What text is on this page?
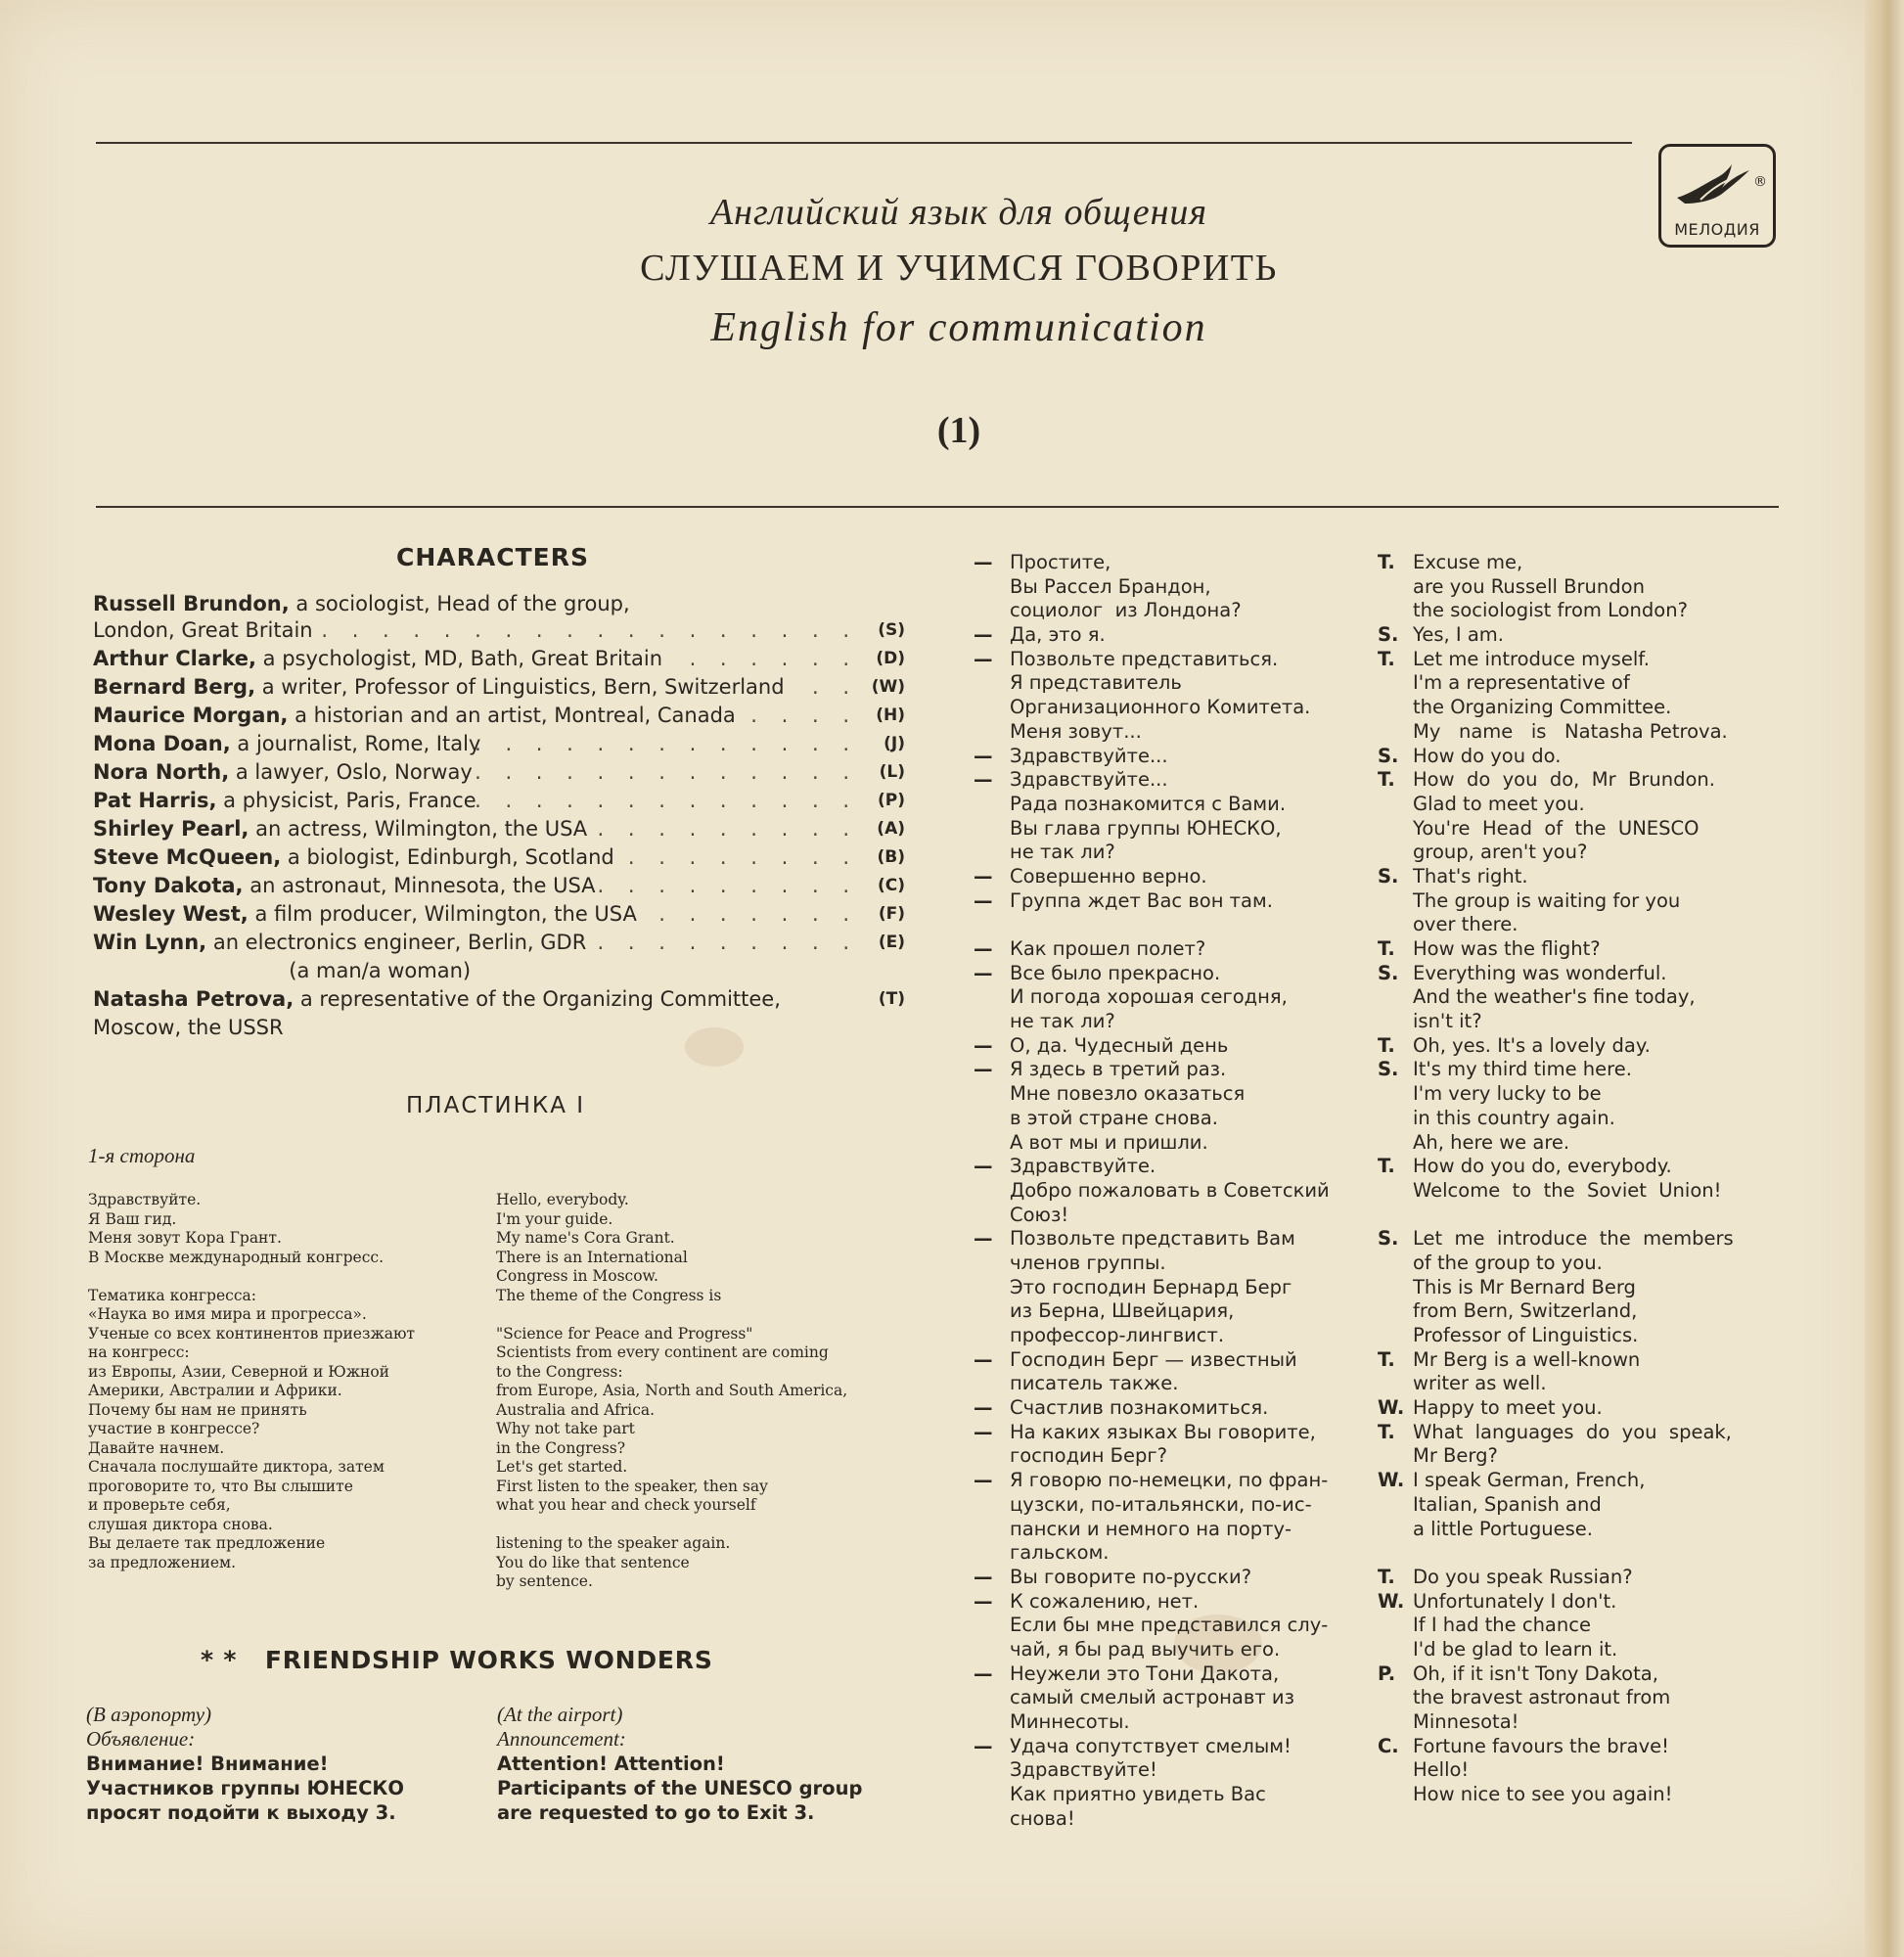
®
МЕЛОДИЯ
Английский язык для общения
СЛУШАЕМ И УЧИМСЯ ГОВОРИТЬ
English for communication
(1)
CHARACTERS
Russell Brundon, a sociologist, Head of the group,
London, Great Britain . . . . . . . . . . . . . . . . . . (S)
Arthur Clarke, a psychologist, MD, Bath, Great Britain . . . . . . (D)
Bernard Berg, a writer, Professor of Linguistics, Bern, Switzerland . . (W)
Maurice Morgan, a historian and an artist, Montreal, Canada . . . . (H)
Mona Doan, a journalist, Rome, Italy
. . . . . . . . . . . . . (J)
Nora North, a lawyer, Oslo, Norway . . . . . . . . . . . . . (L)
Pat Harris, a physicist, Paris, France
. . . . . . . . . . . . . . (P)
Shirley Pearl, an actress, Wilmington, the USA . . . . . . . . . (A)
Steve McQueen, a biologist, Edinburgh, Scotland . . . . . . . . (B)
Tony Dakota, an astronaut, Minnesota, the USA . . . . . . . . . (C)
Wesley West, a film producer, Wilmington, the USA . . . . . . . (F)
Win Lynn, an electronics engineer, Berlin, GDR . . . . . . . . . (E)
(a man/a woman)
Natasha Petrova, a representative of the Organizing Committee,	(T)
Moscow, the USSR
ПЛАСТИНКА I
1-я сторона

Здравствуйте.

Я Ваш гид.

Меня зовут Кора Грант.

В Москве международный конгресс.

Тематика конгресса:

«Наука во имя мира и прогресса».

Ученые со всех континентов приезжают

на конгресс:

из Европы, Азии, Северной и Южной

Америки, Австралии и Африки.

Почему бы нам не принять

участие в конгрессе?

Давайте начнем.

Сначала послушайте диктора, затем

проговорите то, что Вы слышите

и проверьте себя,

слушая диктора снова.

Вы делаете так предложение

за предложением.

Hello, everybody.

I'm your guide.

My name's Cora Grant.

There is an International

Congress in Moscow.

The theme of the Congress is

"Science for Peace and Progress"

Scientists from every continent are coming

to the Congress:

from Europe, Asia, North and South America,

Australia and Africa.

Why not take part

in the Congress?

Let's get started.

First listen to the speaker, then say

what you hear and check yourself

listening to the speaker again.

You do like that sentence

by sentence.

* * FRIENDSHIP WORKS WONDERS

(В аэропорту)

Объявление:

Внимание! Внимание!

Участников группы ЮНЕСКО

просят подойти к выходу 3.

(At the airport)

Announcement:

Attention! Attention!

Participants of the UNESCO group

are requested to go to Exit 3.

— Простите,
Вы Рассел Брандон,
социолог  из Лондона?
— Да, это я.
— Позвольте представиться.
Я представитель
Организационного Комитета.
Меня зовут...
— Здравствуйте...
— Здравствуйте...
Рада познакомится с Вами.
Вы глава группы ЮНЕСКО,
не так ли?
— Совершенно верно.
— Группа ждет Вас вон там.
— Как прошел полет?
— Все было прекрасно.
И погода хорошая сегодня,
не так ли?
— О, да. Чудесный день
— Я здесь в третий раз.
Мне повезло оказаться
в этой стране снова.
А вот мы и пришли.
— Здравствуйте.
Добро пожаловать в Советский
Союз!
— Позвольте представить Вам
членов группы.
Это господин Бернард Берг
из Берна, Швейцария,
профессор-лингвист.
— Господин Берг — известный
писатель также.
— Счастлив познакомиться.
— На каких языках Вы говорите,
господин Берг?
— Я говорю по-немецки, по фран-
цузски, по-итальянски, по-ис-
пански и немного на порту-
гальском.
— Вы говорите по-русски?
— К сожалению, нет.
Если бы мне представился слу-
чай, я бы рад выучить его.
— Неужели это Тони Дакота,
самый смелый астронавт из
Миннесоты.
— Удача сопутствует смелым!
Здравствуйте!
Как приятно увидеть Вас
снова!
T. Excuse me,
are you Russell Brundon
the sociologist from London?
S. Yes, I am.
T. Let me introduce myself.
I'm a representative of
the Organizing Committee.
My   name   is   Natasha Petrova.
S. How do you do.
T. How  do  you  do,  Mr  Brundon.
Glad to meet you.
You're  Head  of  the  UNESCO
group, aren't you?
S. That's right.
The group is waiting for you
over there.
T. How was the flight?
S. Everything was wonderful.
And the weather's fine today,
isn't it?
T. Oh, yes. It's a lovely day.
S. It's my third time here.
I'm very lucky to be
in this country again.
Ah, here we are.
T. How do you do, everybody.
Welcome  to  the  Soviet  Union!
S. Let  me  introduce  the  members
of the group to you.
This is Mr Bernard Berg
from Bern, Switzerland,
Professor of Linguistics.
T. Mr Berg is a well-known
writer as well.
W. Happy to meet you.
T. What  languages  do  you  speak,
Mr Berg?
W. I speak German, French,
Italian, Spanish and
a little Portuguese.
T. Do you speak Russian?
W. Unfortunately I don't.
If I had the chance
I'd be glad to learn it.
P. Oh, if it isn't Tony Dakota,
the bravest astronaut from
Minnesota!
C. Fortune favours the brave!
Hello!
How nice to see you again!
